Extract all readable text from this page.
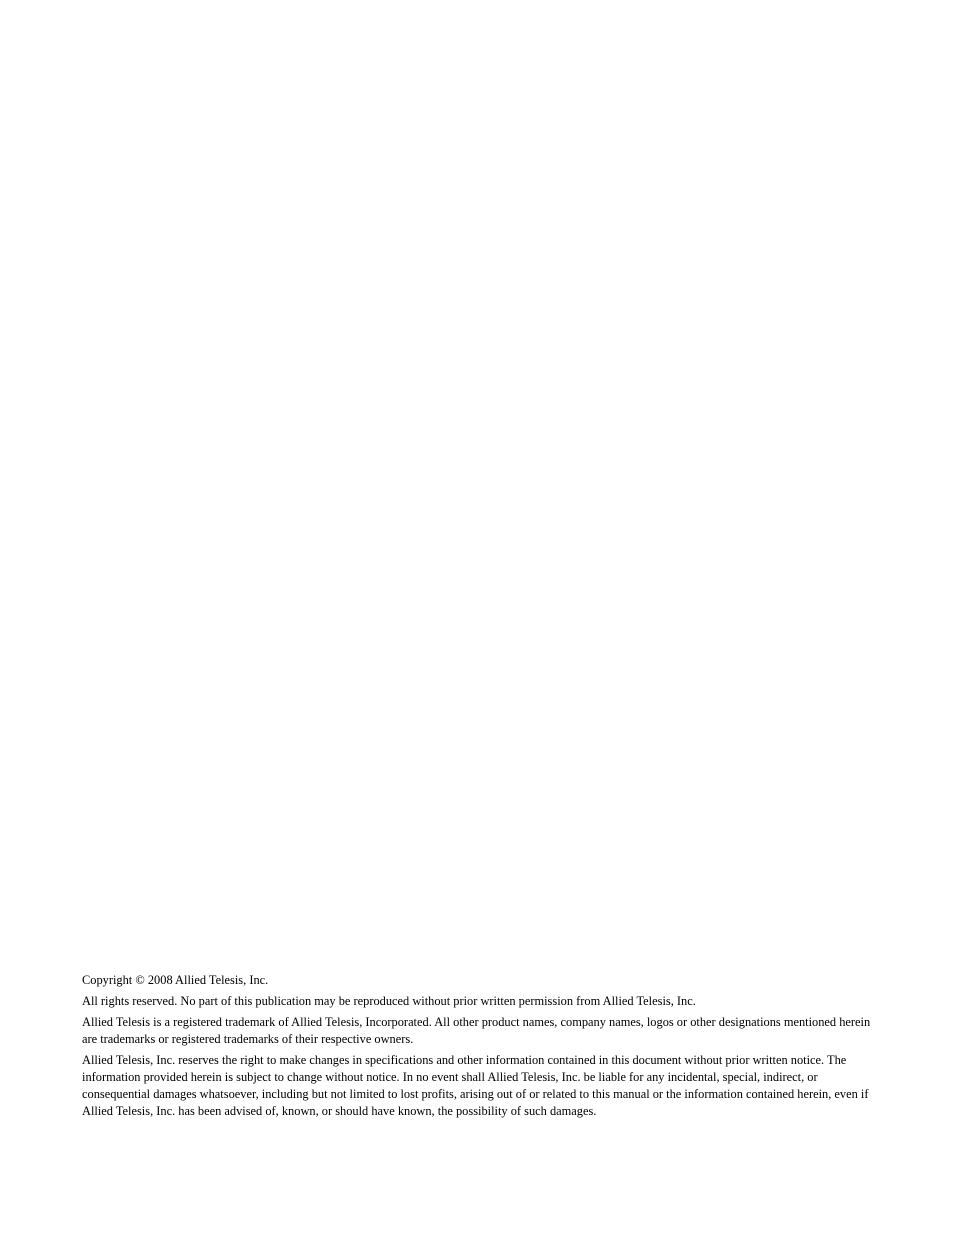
Copyright © 2008 Allied Telesis, Inc.

All rights reserved. No part of this publication may be reproduced without prior written permission from Allied Telesis, Inc.

Allied Telesis is a registered trademark of Allied Telesis, Incorporated. All other product names, company names, logos or other designations mentioned herein are trademarks or registered trademarks of their respective owners.

Allied Telesis, Inc. reserves the right to make changes in specifications and other information contained in this document without prior written notice. The information provided herein is subject to change without notice. In no event shall Allied Telesis, Inc. be liable for any incidental, special, indirect, or consequential damages whatsoever, including but not limited to lost profits, arising out of or related to this manual or the information contained herein, even if Allied Telesis, Inc. has been advised of, known, or should have known, the possibility of such damages.
